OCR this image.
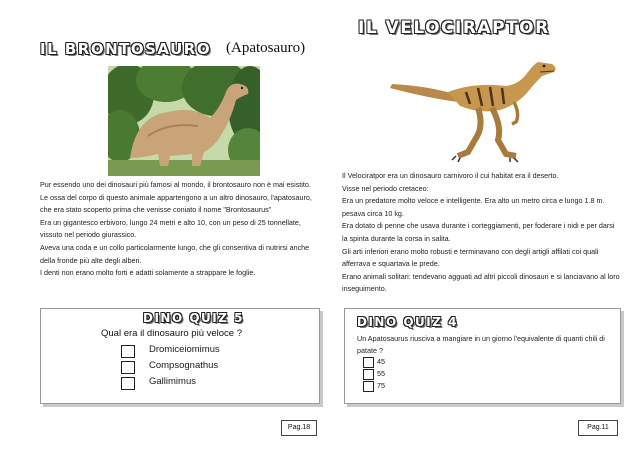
IL BRONTOSAURO (Apatosauro)

Pur essendo uno dei dinosauri più famosi al mondo, il brontosauro non è mai esistito. Le ossa del corpo di questo animale appartengono a un altro dinosauro, l'apatosauro, che era stato scoperto prima che venisse coniato il nome "Brontosaurus"

Era un gigantesco erbivoro, lungo 24 metri e alto 10, con un peso di 25 tonnellate, vissuto nel periodo giurassico.

Aveva una coda e un collo particolarmente lungo, che gli consentiva di nutrirsi anche della fronde più alte degli alberi.

I denti non erano molto forti e adatti solamente a strappare le foglie.

DINO QUIZ 5
Qual era il dinosauro più veloce ?
Dromiceiomimus
Compsognathus
Gallimimus
Pag.18
IL VELOCIRAPTOR

Il Velociratpor era un dinosauro carnivoro il cui habitat era il deserto.

Visse nel periodo cretaceo:

Era un predatore molto veloce e intelligente. Era alto un metro circa e lungo 1.8 m. pesava circa 10 kg.

Era dotato di penne che usava durante i corteggiamenti, per foderare i nidi e per darsi la spinta durante la corsa in salita.

Gli arti inferiori erano molto robusti e terminavano con degli artigli affilati coi quali afferrava e squartava le prede.

Erano animali solitari: tendevano agguati ad altri piccoli dinosauri e si lanciavano al loro inseguimento.

DINO QUIZ 4
Un Apatosaurus riusciva a mangiare in un giorno l'equivalente di quanti chili di patate ?
45
55
75
Pag.11
